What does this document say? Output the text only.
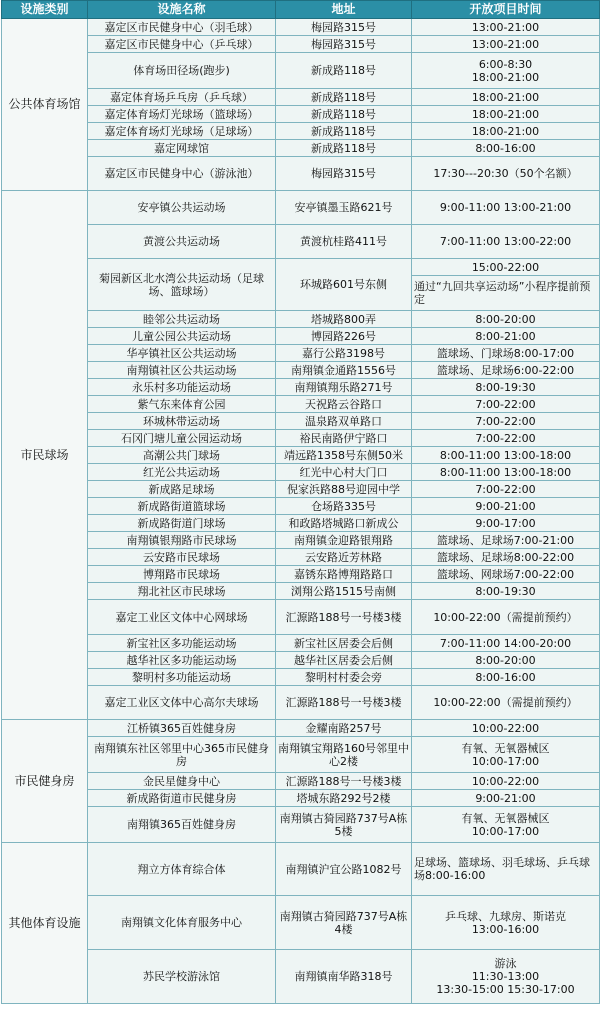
设施类别	设施名称	地址	开放项目时间
公共体育场馆	嘉定区市民健身中心（羽毛球）	梅园路315号	13:00-21:00

	嘉定区市民健身中心（乒乓球）	梅园路315号	13:00-21:00

	体育场田径场(跑步)	新成路118号	6:00-8:30
18:00-21:00

	嘉定体育场乒乓房（乒乓球）	新成路118号	18:00-21:00

	嘉定体育场灯光球场（篮球场）	新成路118号	18:00-21:00

	嘉定体育场灯光球场（足球场）	新成路118号	18:00-21:00

	嘉定网球馆	新成路118号	8:00-16:00

	嘉定区市民健身中心（游泳池）	梅园路315号	17:30---20:30（50个名额）

市民球场	安亭镇公共运动场	安亭镇墨玉路621号	9:00-11:00 13:00-21:00

	黄渡公共运动场	黄渡杭桂路411号	7:00-11:00 13:00-22:00

	菊园新区北水湾公共运动场（足球场、篮球场）	环城路601号东侧	15:00-22:00
			通过“九回共享运动场”小程序提前预定
	睦邻公共运动场	塔城路800弄	8:00-20:00

	儿童公园公共运动场	博园路226号	8:00-21:00

	华亭镇社区公共运动场	嘉行公路3198号	篮球场、门球场8:00-17:00

	南翔镇社区公共运动场	南翔镇金通路1556号	篮球场、足球场6:00-22:00

	永乐村多功能运动场	南翔镇翔乐路271号	8:00-19:30

	紫气东来体育公园	天祝路云谷路口	7:00-22:00

	环城林带运动场	温泉路双单路口	7:00-22:00

	石冈门塘儿童公园运动场	裕民南路伊宁路口	7:00-22:00

	高潮公共门球场	靖远路1358号东侧50米	8:00-11:00 13:00-18:00

	红光公共运动场	红光中心村大门口	8:00-11:00 13:00-18:00

	新成路足球场	倪家浜路88号迎园中学	7:00-22:00

	新成路街道篮球场	仓场路335号	9:00-21:00

	新成路街道门球场	和政路塔城路口新成公	9:00-17:00

	南翔镇银翔路市民球场	南翔镇金迎路银翔路	篮球场、足球场7:00-21:00

	云安路市民球场	云安路近芳林路	篮球场、足球场8:00-22:00

	博翔路市民球场	嘉锈东路博翔路路口	篮球场、网球场7:00-22:00

	翔北社区市民球场	浏翔公路1515号南侧	8:00-19:30

	嘉定工业区文体中心网球场	汇源路188号一号楼3楼	10:00-22:00（需提前预约）

	新宝社区多功能运动场	新宝社区居委会后侧	7:00-11:00 14:00-20:00

	越华社区多功能运动场	越华社区居委会后侧	8:00-20:00

	黎明村多功能运动场	黎明村村委会旁	8:00-16:00

	嘉定工业区文体中心高尔夫球场	汇源路188号一号楼3楼	10:00-22:00（需提前预约）

市民健身房	江桥镇365百姓健身房	金耀南路257号	10:00-22:00

	南翔镇东社区邻里中心365市民健身房	南翔镇宝翔路160号邻里中心2楼	有氧、无氧器械区
10:00-17:00

	金民星健身中心	汇源路188号一号楼3楼	10:00-22:00

	新成路街道市民健身房	塔城东路292号2楼	9:00-21:00

	南翔镇365百姓健身房	南翔镇古猗园路737号A栋5楼	有氧、无氧器械区
10:00-17:00

其他体育设施	翔立方体育综合体	南翔镇沪宜公路1082号	足球场、篮球场、羽毛球场、乒乓球场8:00-16:00

	南翔镇文化体育服务中心	南翔镇古猗园路737号A栋4楼	乒乓球、九球房、斯诺克
13:00-16:00

	苏民学校游泳馆	南翔镇南华路318号	游泳
11:30-13:00
13:30-15:00 15:30-17:00
